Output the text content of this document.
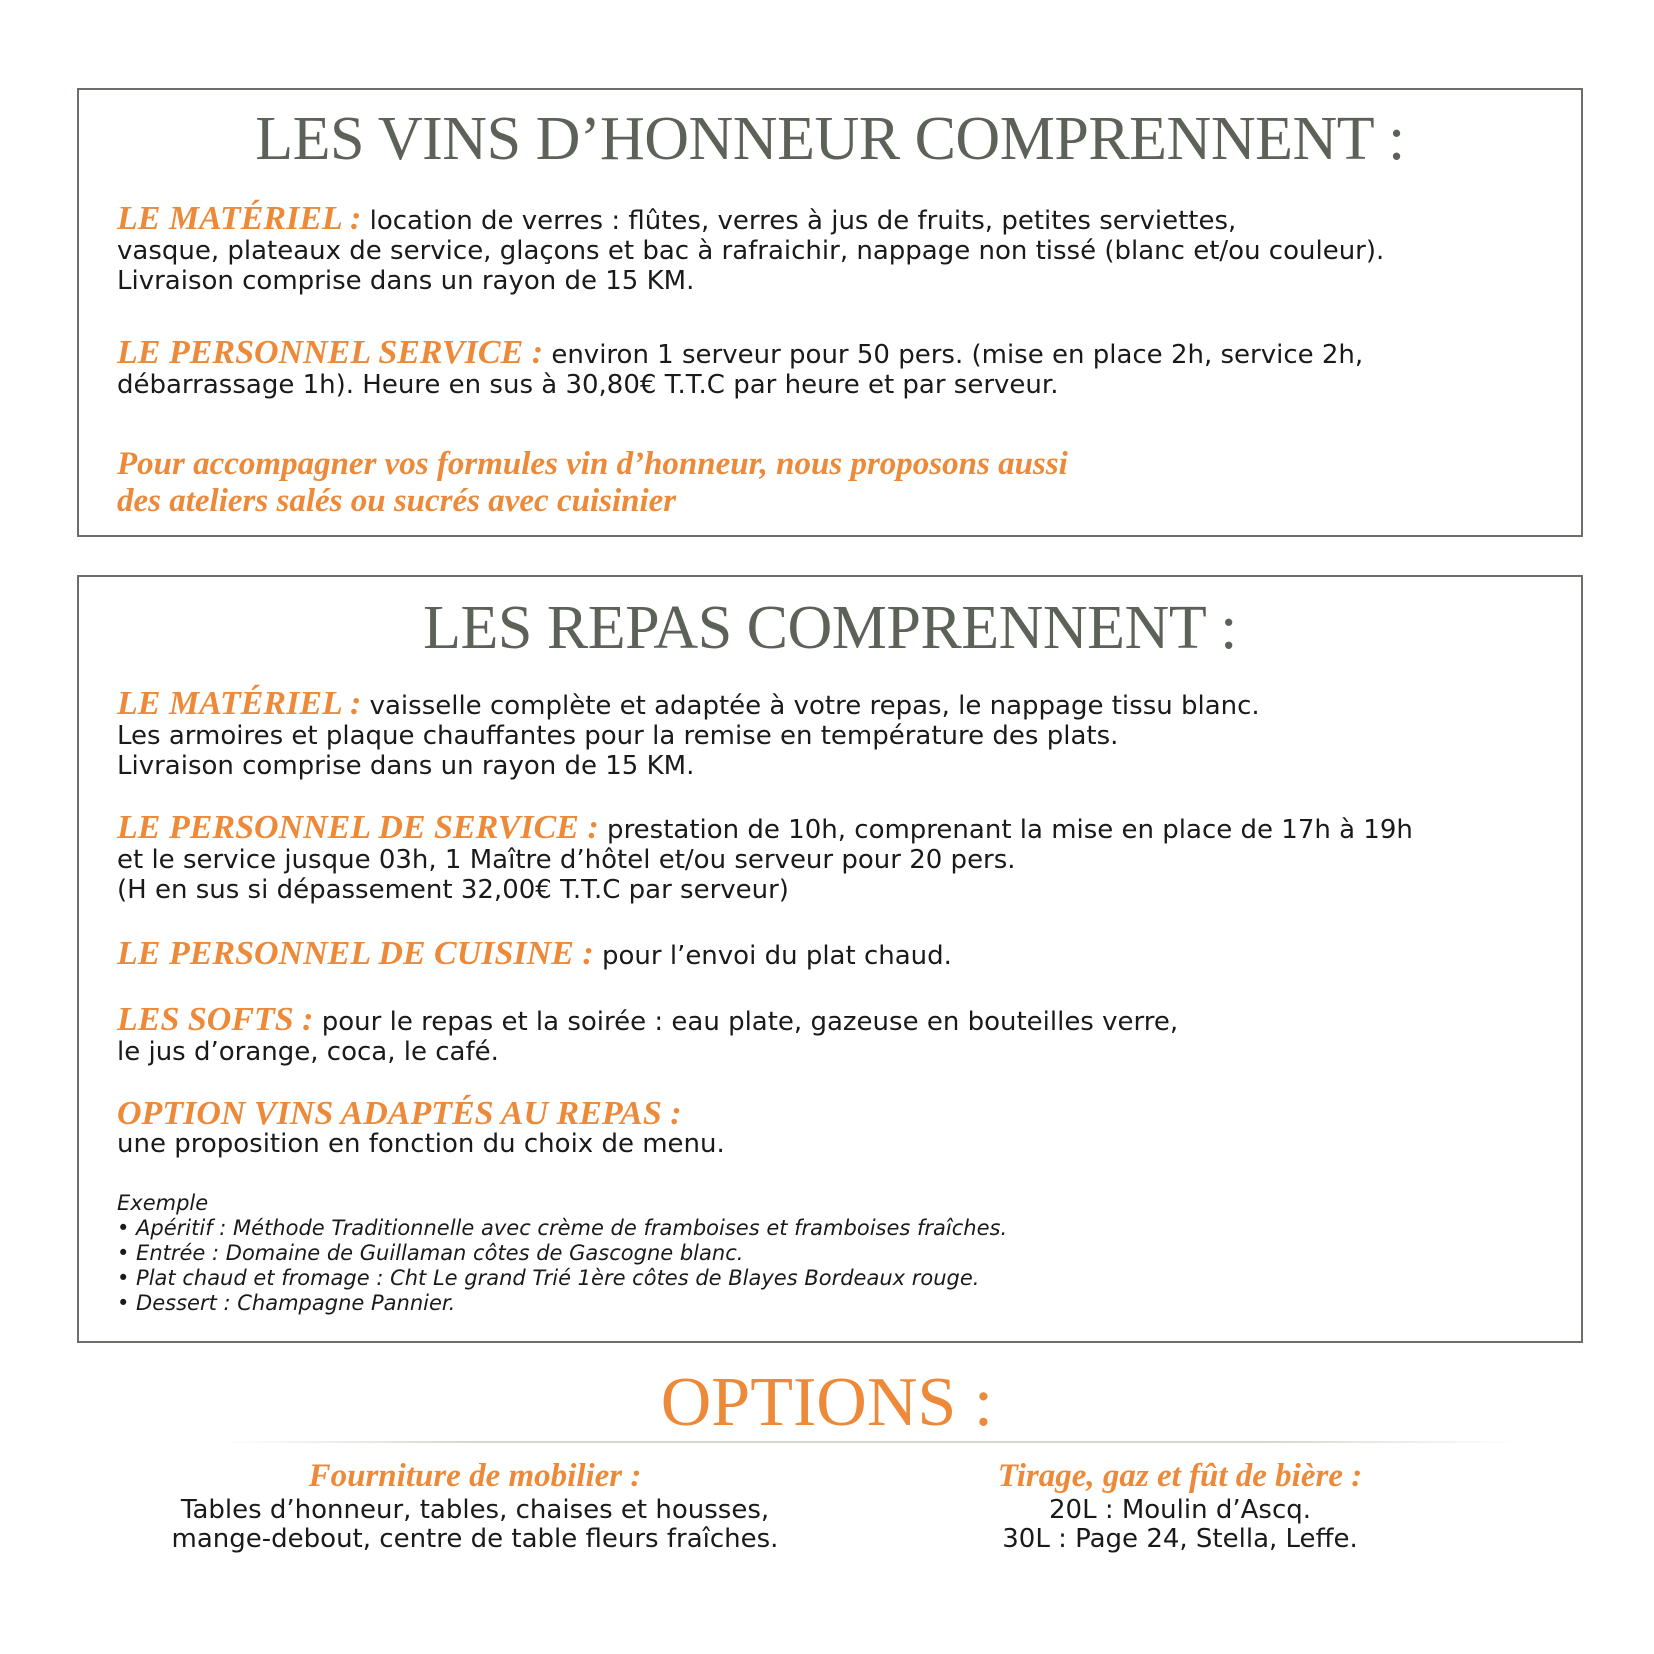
LES VINS D’HONNEUR COMPRENNENT :
LE MATÉRIEL : location de verres : flûtes, verres à jus de fruits, petites serviettes,
vasque, plateaux de service, glaçons et bac à rafraichir, nappage non tissé (blanc et/ou couleur).
Livraison comprise dans un rayon de 15 KM.
LE PERSONNEL SERVICE : environ 1 serveur pour 50 pers. (mise en place 2h, service 2h,
débarrassage 1h). Heure en sus à 30,80€ T.T.C par heure et par serveur.
Pour accompagner vos formules vin d’honneur, nous proposons aussi
des ateliers salés ou sucrés avec cuisinier
LES REPAS COMPRENNENT :
LE MATÉRIEL : vaisselle complète et adaptée à votre repas, le nappage tissu blanc.
Les armoires et plaque chauffantes pour la remise en température des plats.
Livraison comprise dans un rayon de 15 KM.
LE PERSONNEL DE SERVICE : prestation de 10h, comprenant la mise en place de 17h à 19h
et le service jusque 03h, 1 Maître d’hôtel et/ou serveur pour 20 pers.
(H en sus si dépassement 32,00€ T.T.C par serveur)
LE PERSONNEL DE CUISINE : pour l’envoi du plat chaud.
LES SOFTS : pour le repas et la soirée : eau plate, gazeuse en bouteilles verre,
le jus d’orange, coca, le café.
OPTION VINS ADAPTÉS AU REPAS :
une proposition en fonction du choix de menu.
Exemple
• Apéritif : Méthode Traditionnelle avec crème de framboises et framboises fraîches.
• Entrée : Domaine de Guillaman côtes de Gascogne blanc.
• Plat chaud et fromage : Cht Le grand Trié 1ère côtes de Blayes Bordeaux rouge.
• Dessert : Champagne Pannier.
OPTIONS :
Fourniture de mobilier :
Tables d’honneur, tables, chaises et housses,
mange-debout, centre de table fleurs fraîches.
Tirage, gaz et fût de bière :
20L : Moulin d’Ascq.
30L : Page 24, Stella, Leffe.
